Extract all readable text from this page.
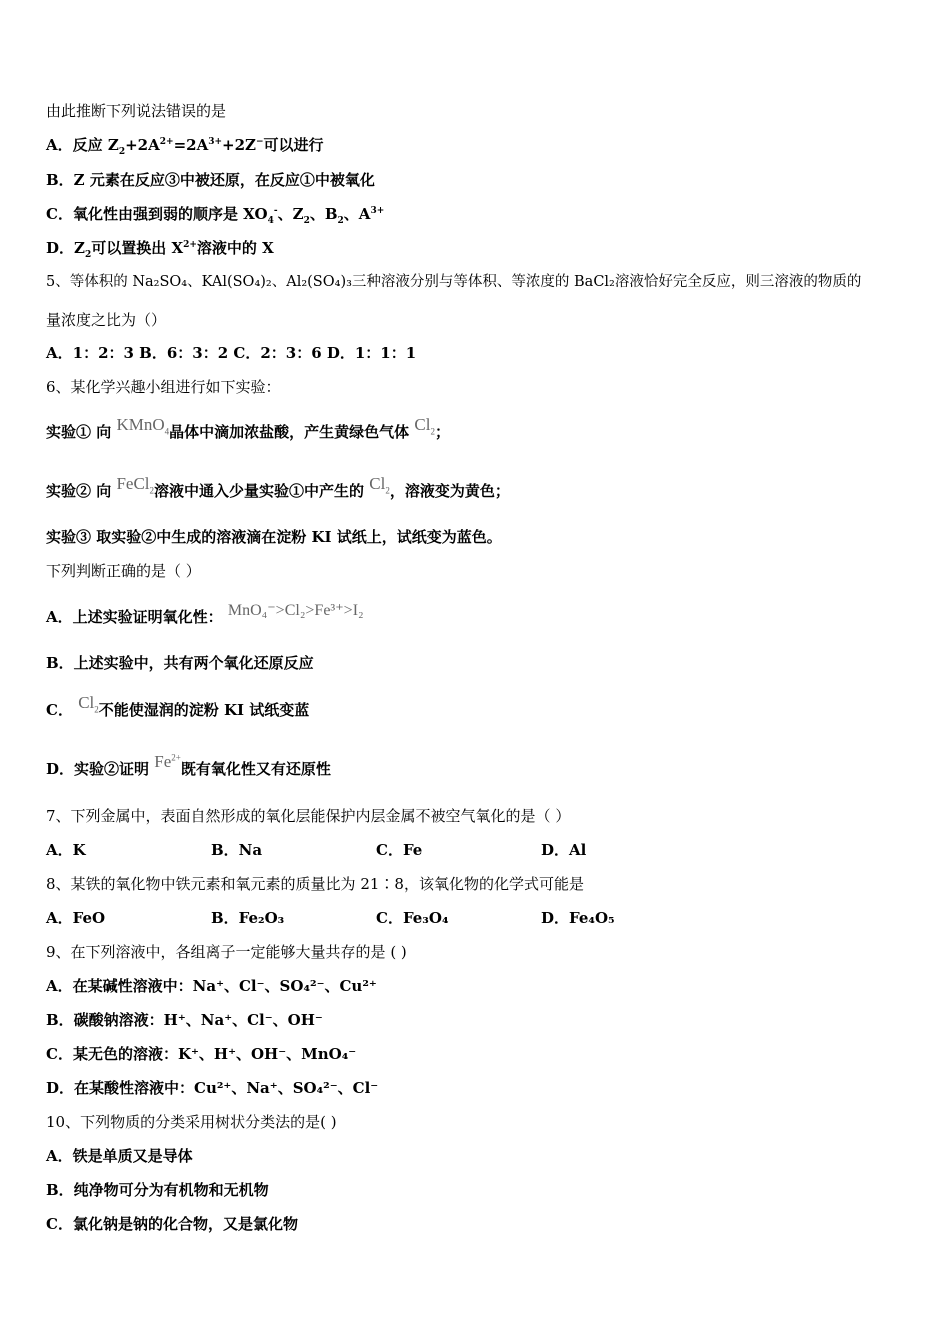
由此推断下列说法错误的是
A．反应 $Z_2+2A^{2+}=2A^{3+}+2Z^-$可以进行
B．Z 元素在反应③中被还原，在反应①中被氧化
C．氧化性由强到弱的顺序是 $XO_4^-$、$Z_2$、$B_2$、$A^{3+}$
D．$Z_2$可以置换出 $X^{2+}$溶液中的 X
5、等体积的 Na₂SO₄、KAl(SO₄)₂、Al₂(SO₄)₃三种溶液分别与等体积、等浓度的 BaCl₂溶液恰好完全反应，则三溶液的物质的
量浓度之比为（）
A．1：2：3 B．6：3：2 C．2：3：6 D．1：1：1
6、某化学兴趣小组进行如下实验：
实验① 向 KMnO$_4$晶体中滴加浓盐酸，产生黄绿色气体 $Cl_2$；
实验② 向 FeCl$_2$溶液中通入少量实验①中产生的 $Cl_2$，溶液变为黄色；
实验③ 取实验②中生成的溶液滴在淀粉 KI 试纸上，试纸变为蓝色。
下列判断正确的是（ ）
A．上述实验证明氧化性： MnO₄⁻>Cl₂>Fe³⁺>I₂
B．上述实验中，共有两个氧化还原反应
C． $Cl_2$不能使湿润的淀粉 KI 试纸变蓝
D．实验②证明 $Fe^{2+}$既有氧化性又有还原性
7、下列金属中，表面自然形成的氧化层能保护内层金属不被空气氧化的是（ ）
A．K	B．Na	C．Fe	D．Al
8、某铁的氧化物中铁元素和氧元素的质量比为 21∶8，该氧化物的化学式可能是
A．FeO	B．Fe₂O₃	C．Fe₃O₄	D．Fe₄O₅
9、在下列溶液中，各组离子一定能够大量共存的是 ( )
A．在某碱性溶液中：Na⁺、Cl⁻、SO₄²⁻、Cu²⁺
B．碳酸钠溶液：H⁺、Na⁺、Cl⁻、OH⁻
C．某无色的溶液：K⁺、H⁺、OH⁻、MnO₄⁻
D．在某酸性溶液中：Cu²⁺、Na⁺、SO₄²⁻、Cl⁻
10、下列物质的分类采用树状分类法的是( )
A．铁是单质又是导体
B．纯净物可分为有机物和无机物
C．氯化钠是钠的化合物，又是氯化物
